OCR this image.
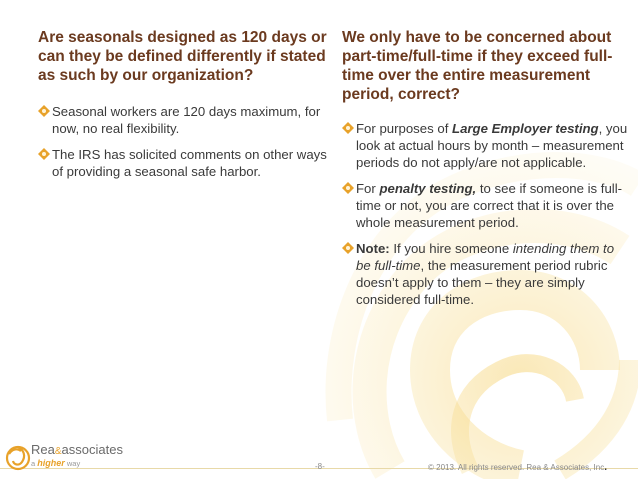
Are seasonals designed as 120 days or can they be defined differently if stated as such by our organization?
Seasonal workers are 120 days maximum, for now, no real flexibility.
The IRS has solicited comments on other ways of providing a seasonal safe harbor.
We only have to be concerned about part-time/full-time if they exceed full-time over the entire measurement period, correct?
For purposes of Large Employer testing, you look at actual hours by month – measurement periods do not apply/are not applicable.
For penalty testing, to see if someone is full-time or not, you are correct that it is over the whole measurement period.
Note: If you hire someone intending them to be full-time, the measurement period rubric doesn’t apply to them – they are simply considered full-time.
Rea&associates
a higher way	-8-	© 2013. All rights reserved. Rea & Associates, Inc.
